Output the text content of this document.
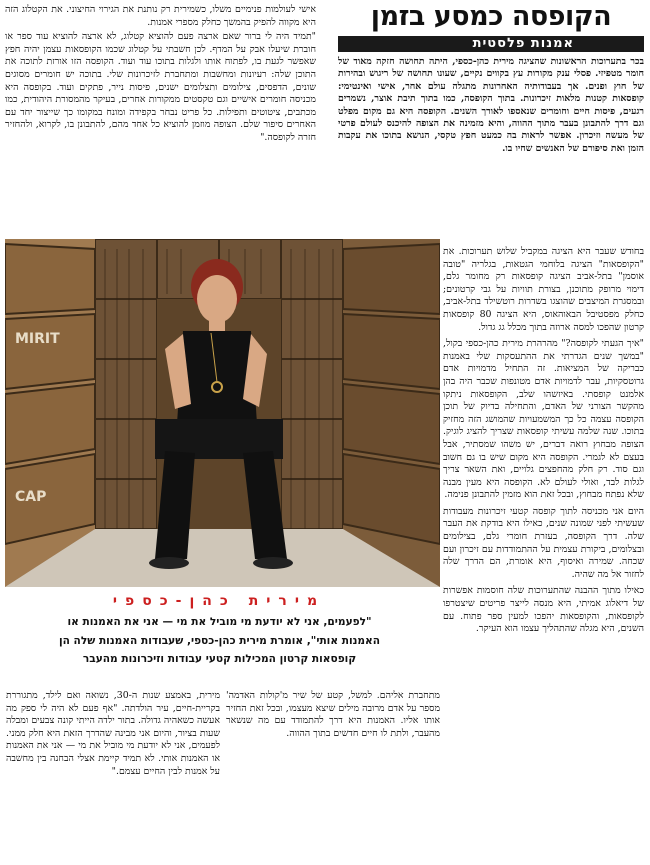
הקופסה כמסע בזמן
אמנות פלסטית
בכר בתערוכות הראשונות שהציגה מירית כהן-כספי, היתה תחושה חזקה מאוד של חומר מטפיזי. פסלי ענק מקורות עץ בקווים נקיים, שעונו תחושה של ריגוש ובהירות של חוץ ופנים. אך בעבודותיה האחרונות מתגלה עולם אחר, אישי ואינטימי: קופסאות קטנות מלאות זיכרונות. בתוך הקופסה, כמו בתוך תיבת אוצר, נשמרים רגעים, פיסות חיים וחומרים שנאספו לאורך השנים. הקופסה היא גם מקום מפלט וגם דרך להתבונן בעבר מתוך ההווה, והיא מזמינה את הצופה להיכנס לעולם פרטי של מעשה וזיכרון. אפשר לראות בה כמעט חפץ טקסי, הנושא בתוכו את עקבות הזמן ואת סיפורם של האנשים שחיו בו.

אישי לעולמות פנימיים משלו, כשמירית רק נותנת את הגירוי החיצוני. את הקטלוג הזה היא מקווה להפיק בהמשך כחלק מספרי אמנות.

"תמיד היה לי ברור שאם ארצה פעם להוציא קטלוג, לא ארצה להוציא עוד ספר או חוברת שיעלו אבק על המדף. לכן חשבתי על קטלוג שכמו הקופסאות עצמן יהיה חפץ שאפשר לגעת בו, לפתוח אותו ולגלות בתוכו עוד ועוד. הקופסה הזו אורזת לתוכה את התוכן שלה: רעיונות ומחשבות ומתחברת לזיכרונות שלי. בתוכה יש חומרים מסוגים שונים, הדפסים, צילומים ותצלומים ישנים, פיסות נייר, פתקים ועוד. בקופסה היא מכניסה חומרים אישיים וגם טקסטים ממקורות אחרים, בעיקר מהמסורת היהודית, כמו מכתבים, ציטוטים ותפילות. כל פריט נבחר בקפידה ומונח במקומו כך שייצור יחד עם האחרים סיפור שלם. הצופה מוזמן להוציא כל אחד מהם, להתבונן בו, לקרוא, ולהחזיר חזרה לקופסה."

MIRIT
CAP
מירית כהן-כספי
"לפעמים, אני לא יודעת מי מוביל את מי — אני את האמנות או
האמנות אותי", אומרת מירית כהן-כספי, שעבודות האמנות שלה הן
קופסאות קרטון המכילות קטעי עבודות וזיכרונות מהעבר

בחודש שעבר היא הציגה במקביל שלוש תערוכות. את "הקופסאות" הציגה בלוחמי הגטאות, בגלריה "טובה אוסמן" בתל-אביב הציגה קופסאות רק מחומר גלם, דימוי מרופק מתוכנן, בצורת תוויות על גבי קרטונים; ובמסגרת המיצבים שהוצגו בשדרות רוטשילד בתל-אביב, כחלק מפסטיבל הבאוהאוס, היא הציגה 80 קופסאות קרטון שהפכו למסה ארוזה בתוך מכלל גג גדול.

"איך הגעתי לקופסה?" מהרהרת מירית כהן-כספי בקול, "במשך שנים הגדרתי את ההתעסקות שלי באמנות כבריקה של המציאות. זה התחיל מדמויות אדם גרוטסקיות, עבר לדמויות אדם מטונפות שכבר היה בהן אלמנט קופסתי. באיזשהו שלב, הקופסאות ניתקו מהקשר הצורני של האדם, והתחילה בדיוק של תוכן הקופסה עצמה כל כך המשמעויות שהמושג הזה מחזיק בתוכו. שנה שלמה עשיתי קופסאות שצריך להציג לוגיק. הצופה מבחוץ רואה דברים, יש משהו שמסתיר, אבל בעצם לא לגמרי. הקופסה היא מקום שיש בו גם חשוב וגם סוד. רק חלק מהחפצים גלויים, ואת השאר צריך לגלות לבד, ואולי לעולם לא. הקופסה היא מעין מבנה שלא נפתח מבחוץ, ובכל זאת הוא מזמין להתבונן פנימה.

היום אני מכניסה לתוך קופסה קטעי זיכרונות מעבודות שעשיתי לפני שמונה שנים, כאילו היא בודקת את העבר שלה. דרך הקופסה, בעזרת חומרי גלם, בצילומים ובצלומים, ביקורת עצמית על ההתמודדות עם זיכרון ועם שכחה. שמירה ואיסוף, היא אומרת, הם הדרך שלה לחזור אל מה שהיה.

כאילו מתוך ההבנה שהתערוכות שלה חוסמות אפשרות של דיאלוג אמיתי, היא מנסה לייצר פריטים שיצטרפו לקופסאות, והקופסאות יהפכו למעין ספר פתוח. עם השנים, היא מגלה שהתהליך עצמו הוא העיקר.

מתחברת אליהם. למשל, קטע של שיר מ'קולות האדמה' מספר על אדם מרובה מילים שיצא מעצמו, ובכל זאת החזיר אותו אליו. האמנות היא דרך להתמודד עם מה שנשאר מהעבר, ולתת לו חיים חדשים בתוך ההווה.

מירית, באמצע שנות ה-30, נשואה ואם לילד, מתגוררת בקריית-חיים, עיר הולדתה. "אף פעם לא היה לי ספק מה אעשה כשאהיה גדולה. בתור ילדה הייתי קונה צבעים ומבלה שעות בציור, והיום אני מבינה שהדרך הזאת היא חלק ממני. לפעמים, אני לא יודעת מי מוביל את מי — אני את האמנות או האמנות אותי. לא תמיד קיימת אצלי הבחנה בין מחשבה על אמנות לבין החיים עצמם."
